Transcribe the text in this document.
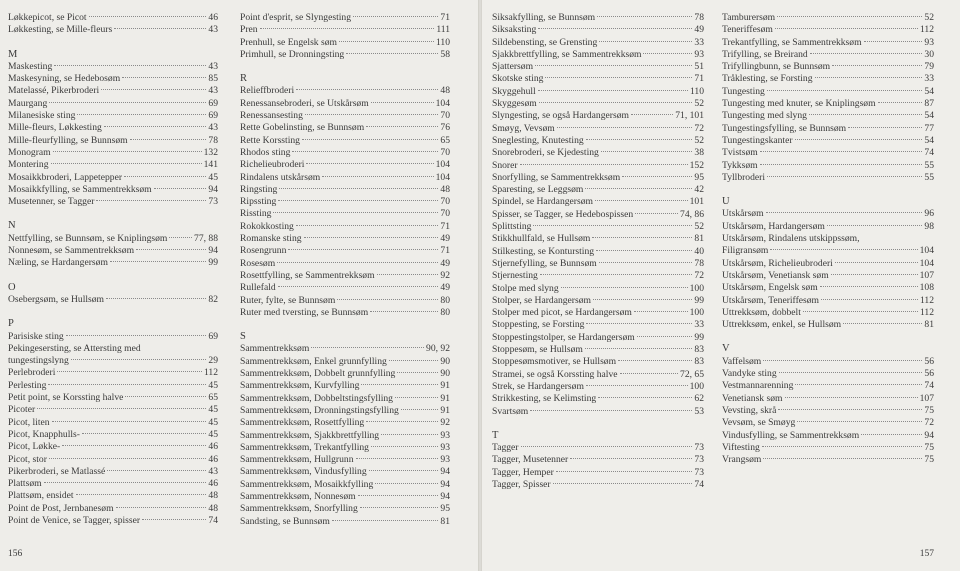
Løkkepicot, se Picot	46
Løkkesting, se Mille-fleurs	43
M
Maskesting	43
Maskesyning, se Hedebosøm	85
Matelassé, Pikerbroderi	43
Maurgang	69
Milanesiske sting	69
Mille-fleurs, Løkkesting	43
Mille-fleurfylling, se Bunnsøm	78
Monogram	132
Montering	141
Mosaikkbroderi, Lappetepper	45
Mosaikkfylling, se Sammentrekksøm	94
Musetenner, se Tagger	73
N
Nettfylling, se Bunnsøm, se Kniplingsøm	77, 88
Nonnesøm, se Sammentrekksøm	94
Næling, se Hardangersøm	99
O
Osebergsøm, se Hullsøm	82
P
Parisiske sting	69
Pekingesersting, se Attersting med
tungestingslyng	29
Perlebroderi	112
Perlesting	45
Petit point, se Korssting halve	65
Picoter	45
Picot, liten	45
Picot, Knapphulls-	45
Picot, Løkke-	46
Picot, stor	46
Pikerbroderi, se Matlassé	43
Plattsøm	46
Plattsøm, ensidet	48
Point de Post, Jernbanesøm	48
Point de Venice, se Tagger, spisser	74
Point d'esprit, se Slyngesting	71
Pren	111
Prenhull, se Engelsk søm	110
Primhull, se Dronningsting	58
R
Relieffbroderi	48
Renessansebroderi, se Utskårsøm	104
Renessansesting	70
Rette Gobelinsting, se Bunnsøm	76
Rette Korssting	65
Rhodos sting	70
Richelieubroderi	104
Rindalens utskårsøm	104
Ringsting	48
Ripssting	70
Rissting	70
Rokokkosting	71
Romanske sting	49
Rosengrunn	71
Rosesøm	49
Rosettfylling, se Sammentrekksøm	92
Rullefald	49
Ruter, fylte, se Bunnsøm	80
Ruter med tversting, se Bunnsøm	80
S
Sammentrekksøm	90, 92
Sammentrekksøm, Enkel grunnfylling	90
Sammentrekksøm, Dobbelt grunnfylling	90
Sammentrekksøm, Kurvfylling	91
Sammentrekksøm, Dobbeltstingsfylling	91
Sammentrekksøm, Dronningstingsfylling	91
Sammentrekksøm, Rosettfylling	92
Sammentrekksøm, Sjakkbrettfylling	93
Sammentrekksøm, Trekantfylling	93
Sammentrekksøm, Hullgrunn	93
Sammentrekksøm, Vindusfylling	94
Sammentrekksøm, Mosaikkfylling	94
Sammentrekksøm, Nonnesøm	94
Sammentrekksøm, Snorfylling	95
Sandsting, se Bunnsøm	81
Siksakfylling, se Bunnsøm	78
Siksaksting	49
Sildebensting, se Grensting	33
Sjakkbrettfylling, se Sammentrekksøm	93
Sjattersøm	51
Skotske sting	71
Skyggehull	110
Skyggesøm	52
Slyngesting, se også Hardangersøm	71, 101
Smøyg, Vevsøm	72
Sneglesting, Knutesting	52
Snorebroderi, se Kjedesting	38
Snorer	152
Snorfylling, se Sammentrekksøm	95
Sparesting, se Leggsøm	42
Spindel, se Hardangersøm	101
Spisser, se Tagger, se Hedebospissen	74, 86
Splittsting	52
Stikkhullfald, se Hullsøm	81
Stilkesting, se Kontursting	40
Stjernefylling, se Bunnsøm	78
Stjernesting	72
Stolpe med slyng	100
Stolper, se Hardangersøm	99
Stolper med picot, se Hardangersøm	100
Stoppesting, se Forsting	33
Stoppestingstolper, se Hardangersøm	99
Stoppesøm, se Hullsøm	83
Stoppesømsmotiver, se Hullsøm	83
Stramei, se også Korssting halve	72, 65
Strek, se Hardangersøm	100
Strikkesting, se Kelimsting	62
Svartsøm	53
T
Tagger	73
Tagger, Musetenner	73
Tagger, Hemper	73
Tagger, Spisser	74
Tamburersøm	52
Teneriffesøm	112
Trekantfylling, se Sammentrekksøm	93
Trifylling, se Breirand	30
Trifyllingbunn, se Bunnsøm	79
Tråklesting, se Forsting	33
Tungesting	54
Tungesting med knuter, se Kniplingsøm	87
Tungesting med slyng	54
Tungestingsfylling, se Bunnsøm	77
Tungestingskanter	54
Tvistsøm	74
Tykksøm	55
Tyllbroderi	55
U
Utskårsøm	96
Utskårsøm, Hardangersøm	98
Utskårsøm, Rindalens utskippssøm,
Filigransøm	104
Utskårsøm, Richelieubroderi	104
Utskårsøm, Venetiansk søm	107
Utskårsøm, Engelsk søm	108
Utskårsøm, Teneriffesøm	112
Uttrekksøm, dobbelt	112
Uttrekksøm, enkel, se Hullsøm	81
V
Vaffelsøm	56
Vandyke sting	56
Vestmannarenning	74
Venetiansk søm	107
Vevsting, skrå	75
Vevsøm, se Smøyg	72
Vindusfylling, se Sammentrekksøm	94
Viftesting	75
Vrangsøm	75
156	157
